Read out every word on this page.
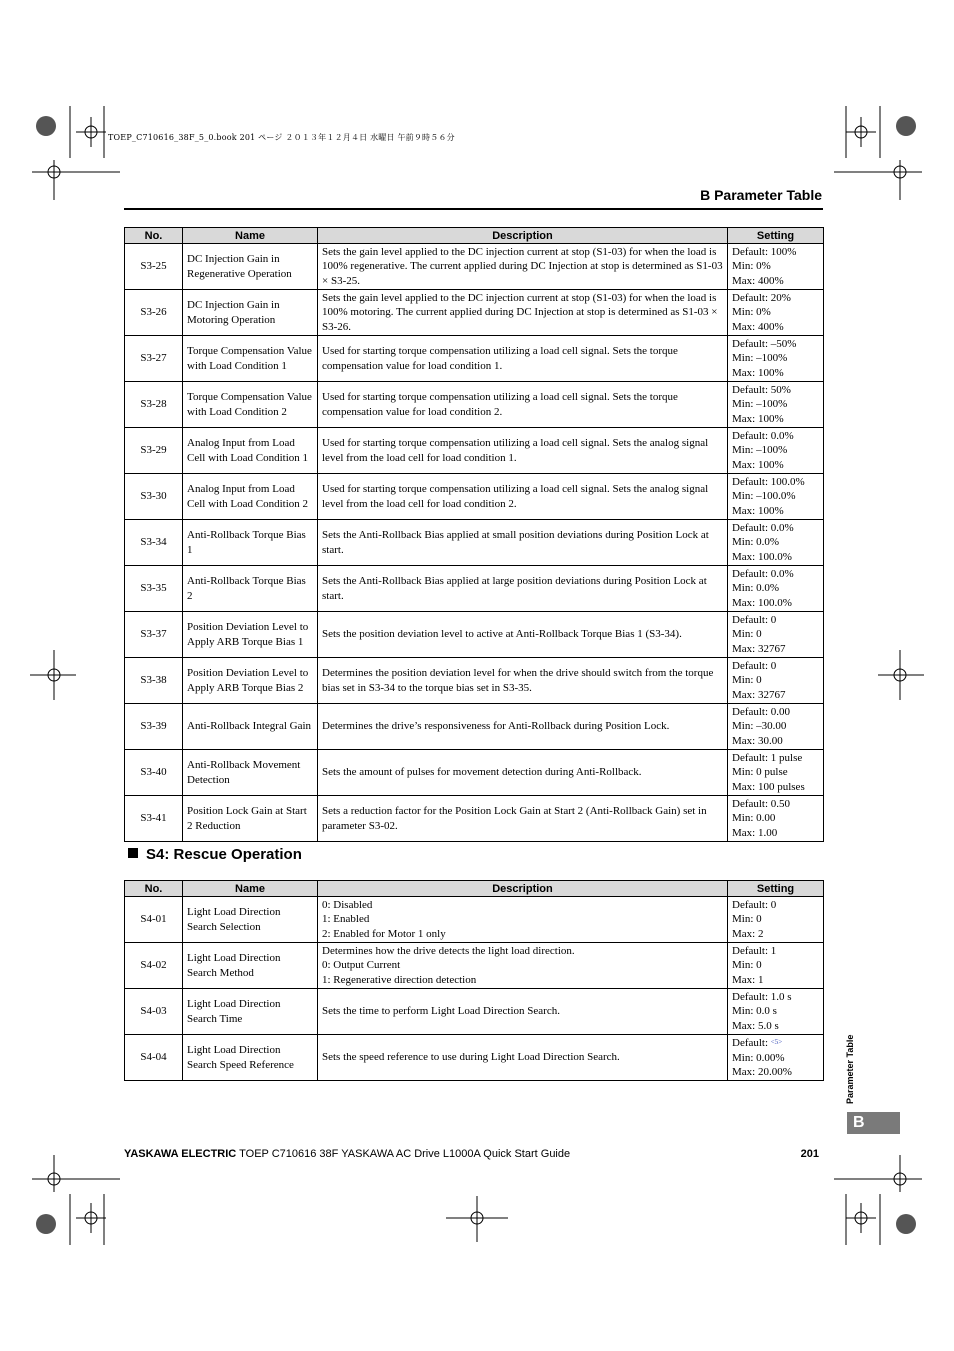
TOEP_C710616_38F_5_0.book 201 ページ ２０１３年１２月４日 水曜日 午前９時５６分
B Parameter Table
No.	Name	Description	Setting
S3-25	DC Injection Gain in Regenerative Operation	Sets the gain level applied to the DC injection current at stop (S1-03) for when the load is 100% regenerative. The current applied during DC Injection at stop is determined as S1-03 × S3-25.	Default: 100%
Min: 0%
Max: 400%

S3-26	DC Injection Gain in Motoring Operation	Sets the gain level applied to the DC injection current at stop (S1-03) for when the load is 100% motoring. The current applied during DC Injection at stop is determined as S1-03 × S3-26.	Default: 20%
Min: 0%
Max: 400%

S3-27	Torque Compensation Value with Load Condition 1	Used for starting torque compensation utilizing a load cell signal. Sets the torque compensation value for load condition 1.	Default: –50%
Min: –100%
Max: 100%

S3-28	Torque Compensation Value with Load Condition 2	Used for starting torque compensation utilizing a load cell signal. Sets the torque compensation value for load condition 2.	Default: 50%
Min: –100%
Max: 100%

S3-29	Analog Input from Load Cell with Load Condition 1	Used for starting torque compensation utilizing a load cell signal. Sets the analog signal level from the load cell for load condition 1.	Default: 0.0%
Min: –100%
Max: 100%

S3-30	Analog Input from Load Cell with Load Condition 2	Used for starting torque compensation utilizing a load cell signal. Sets the analog signal level from the load cell for load condition 2.	Default: 100.0%
Min: –100.0%
Max: 100%

S3-34	Anti-Rollback Torque Bias 1	Sets the Anti-Rollback Bias applied at small position deviations during Position Lock at start.	Default: 0.0%
Min: 0.0%
Max: 100.0%

S3-35	Anti-Rollback Torque Bias 2	Sets the Anti-Rollback Bias applied at large position deviations during Position Lock at start.	Default: 0.0%
Min: 0.0%
Max: 100.0%

S3-37	Position Deviation Level to Apply ARB Torque Bias 1	Sets the position deviation level to active at Anti-Rollback Torque Bias 1 (S3-34).	Default: 0
Min: 0
Max: 32767

S3-38	Position Deviation Level to Apply ARB Torque Bias 2	Determines the position deviation level for when the drive should switch from the torque bias set in S3-34 to the torque bias set in S3-35.	Default: 0
Min: 0
Max: 32767

S3-39	Anti-Rollback Integral Gain	Determines the drive’s responsiveness for Anti-Rollback during Position Lock.	Default: 0.00
Min: –30.00
Max: 30.00

S3-40	Anti-Rollback Movement Detection	Sets the amount of pulses for movement detection during Anti-Rollback.	Default: 1 pulse
Min: 0 pulse
Max: 100 pulses

S3-41	Position Lock Gain at Start 2 Reduction	Sets a reduction factor for the Position Lock Gain at Start 2 (Anti-Rollback Gain) set in parameter S3-02.	Default: 0.50
Min: 0.00
Max: 1.00
S4: Rescue Operation
No.	Name	Description	Setting
S4-01	Light Load Direction Search Selection	0: Disabled
1: Enabled
2: Enabled for Motor 1 only	Default: 0
Min: 0
Max: 2

S4-02	Light Load Direction Search Method	Determines how the drive detects the light load direction.
0: Output Current
1: Regenerative direction detection	Default: 1
Min: 0
Max: 1

S4-03	Light Load Direction Search Time	Sets the time to perform Light Load Direction Search.	Default: 1.0 s
Min: 0.0 s
Max: 5.0 s

S4-04	Light Load Direction Search Speed Reference	Sets the speed reference to use during Light Load Direction Search.	Default: <5>
Min: 0.00%
Max: 20.00%	Parameter Table
B
YASKAWA ELECTRIC TOEP C710616 38F YASKAWA AC Drive L1000A Quick Start Guide	201
